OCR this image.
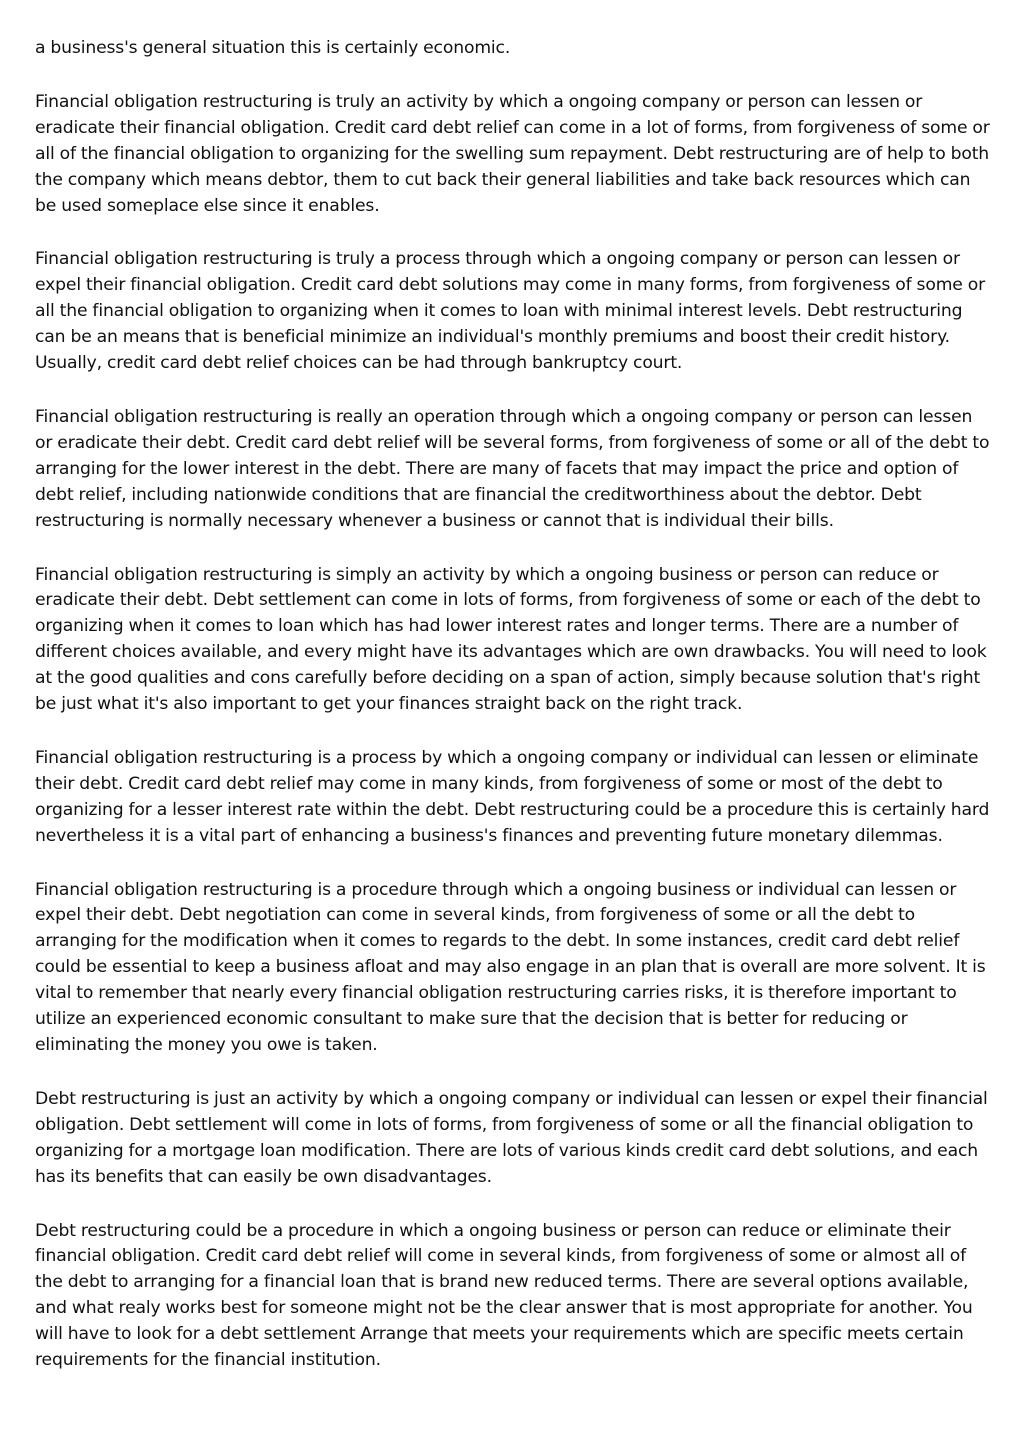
a business's general situation this is certainly economic.

Financial obligation restructuring is truly an activity by which a ongoing company or person can lessen or eradicate their financial obligation. Credit card debt relief can come in a lot of forms, from forgiveness of some or all of the financial obligation to organizing for the swelling sum repayment. Debt restructuring are of help to both the company which means debtor, them to cut back their general liabilities and take back resources which can be used someplace else since it enables.

Financial obligation restructuring is truly a process through which a ongoing company or person can lessen or expel their financial obligation. Credit card debt solutions may come in many forms, from forgiveness of some or all the financial obligation to organizing when it comes to loan with minimal interest levels. Debt restructuring can be an means that is beneficial minimize an individual's monthly premiums and boost their credit history. Usually, credit card debt relief choices can be had through bankruptcy court.

Financial obligation restructuring is really an operation through which a ongoing company or person can lessen or eradicate their debt. Credit card debt relief will be several forms, from forgiveness of some or all of the debt to arranging for the lower interest in the debt. There are many of facets that may impact the price and option of debt relief, including nationwide conditions that are financial the creditworthiness about the debtor. Debt restructuring is normally necessary whenever a business or cannot that is individual their bills.

Financial obligation restructuring is simply an activity by which a ongoing business or person can reduce or eradicate their debt. Debt settlement can come in lots of forms, from forgiveness of some or each of the debt to organizing when it comes to loan which has had lower interest rates and longer terms. There are a number of different choices available, and every might have its advantages which are own drawbacks. You will need to look at the good qualities and cons carefully before deciding on a span of action, simply because solution that's right be just what it's also important to get your finances straight back on the right track.

Financial obligation restructuring is a process by which a ongoing company or individual can lessen or eliminate their debt. Credit card debt relief may come in many kinds, from forgiveness of some or most of the debt to organizing for a lesser interest rate within the debt. Debt restructuring could be a procedure this is certainly hard nevertheless it is a vital part of enhancing a business's finances and preventing future monetary dilemmas.

Financial obligation restructuring is a procedure through which a ongoing business or individual can lessen or expel their debt. Debt negotiation can come in several kinds, from forgiveness of some or all the debt to arranging for the modification when it comes to regards to the debt. In some instances, credit card debt relief could be essential to keep a business afloat and may also engage in an plan that is overall are more solvent. It is vital to remember that nearly every financial obligation restructuring carries risks, it is therefore important to utilize an experienced economic consultant to make sure that the decision that is better for reducing or eliminating the money you owe is taken.

Debt restructuring is just an activity by which a ongoing company or individual can lessen or expel their financial obligation. Debt settlement will come in lots of forms, from forgiveness of some or all the financial obligation to organizing for a mortgage loan modification. There are lots of various kinds credit card debt solutions, and each has its benefits that can easily be own disadvantages.

Debt restructuring could be a procedure in which a ongoing business or person can reduce or eliminate their financial obligation. Credit card debt relief will come in several kinds, from forgiveness of some or almost all of the debt to arranging for a financial loan that is brand new reduced terms. There are several options available, and what realy works best for someone might not be the clear answer that is most appropriate for another. You will have to look for a debt settlement Arrange that meets your requirements which are specific meets certain requirements for the financial institution.
